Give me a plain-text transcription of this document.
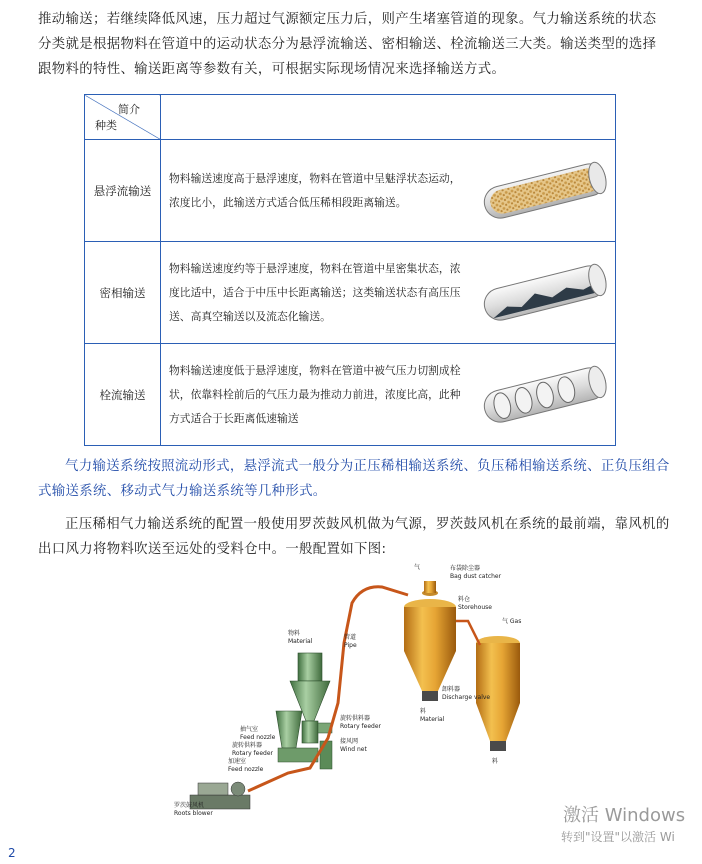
推动输送；若继续降低风速，压力超过气源额定压力后，则产生堵塞管道的现象。气力输送系统的状态分类就是根据物料在管道中的运动状态分为悬浮流输送、密相输送、栓流输送三大类。输送类型的选择跟物料的特性、输送距离等参数有关，可根据实际现场情况来选择输送方式。
简介
种类	

悬浮流输送	物料输送速度高于悬浮速度，物料在管道中呈魅浮状态运动，浓度比小，此输送方式适合低压稀相段距离输送。

密相输送	物料输送速度约等于悬浮速度，物料在管道中星密集状态，浓度比适中，适合于中压中长距离输送；这类输送状态有高压压送、高真空输送以及流态化输送。

栓流输送	物料输送速度低于悬浮速度，物料在管道中被气压力切割成栓状，依靠料栓前后的气压力最为推动力前进，浓度比高，此种方式适合于长距离低速输送
气力输送系统按照流动形式，悬浮流式一般分为正压稀相输送系统、负压稀相输送系统、正负压组合式输送系统、移动式气力输送系统等几种形式。
正压稀相气力输送系统的配置一般使用罗茨鼓风机做为气源，罗茨鼓风机在系统的最前端，靠风机的出口风力将物料吹送至远处的受料仓中。一般配置如下图:
气	布袋除尘器
Bag dust catcher
料仓
Storehouse
气 Gas
管道
Pipe
物料
Material
旋转供料器
Rotary feeder
接风网
Wind net
卸料器
Discharge valve
料
Material
料
抽气室
Feed nozzle
旋转供料器
Rotary feeder
加速室
Feed nozzle
罗茨鼓风机
Roots blower
2
激活 Windows
转到"设置"以激活 Wi
